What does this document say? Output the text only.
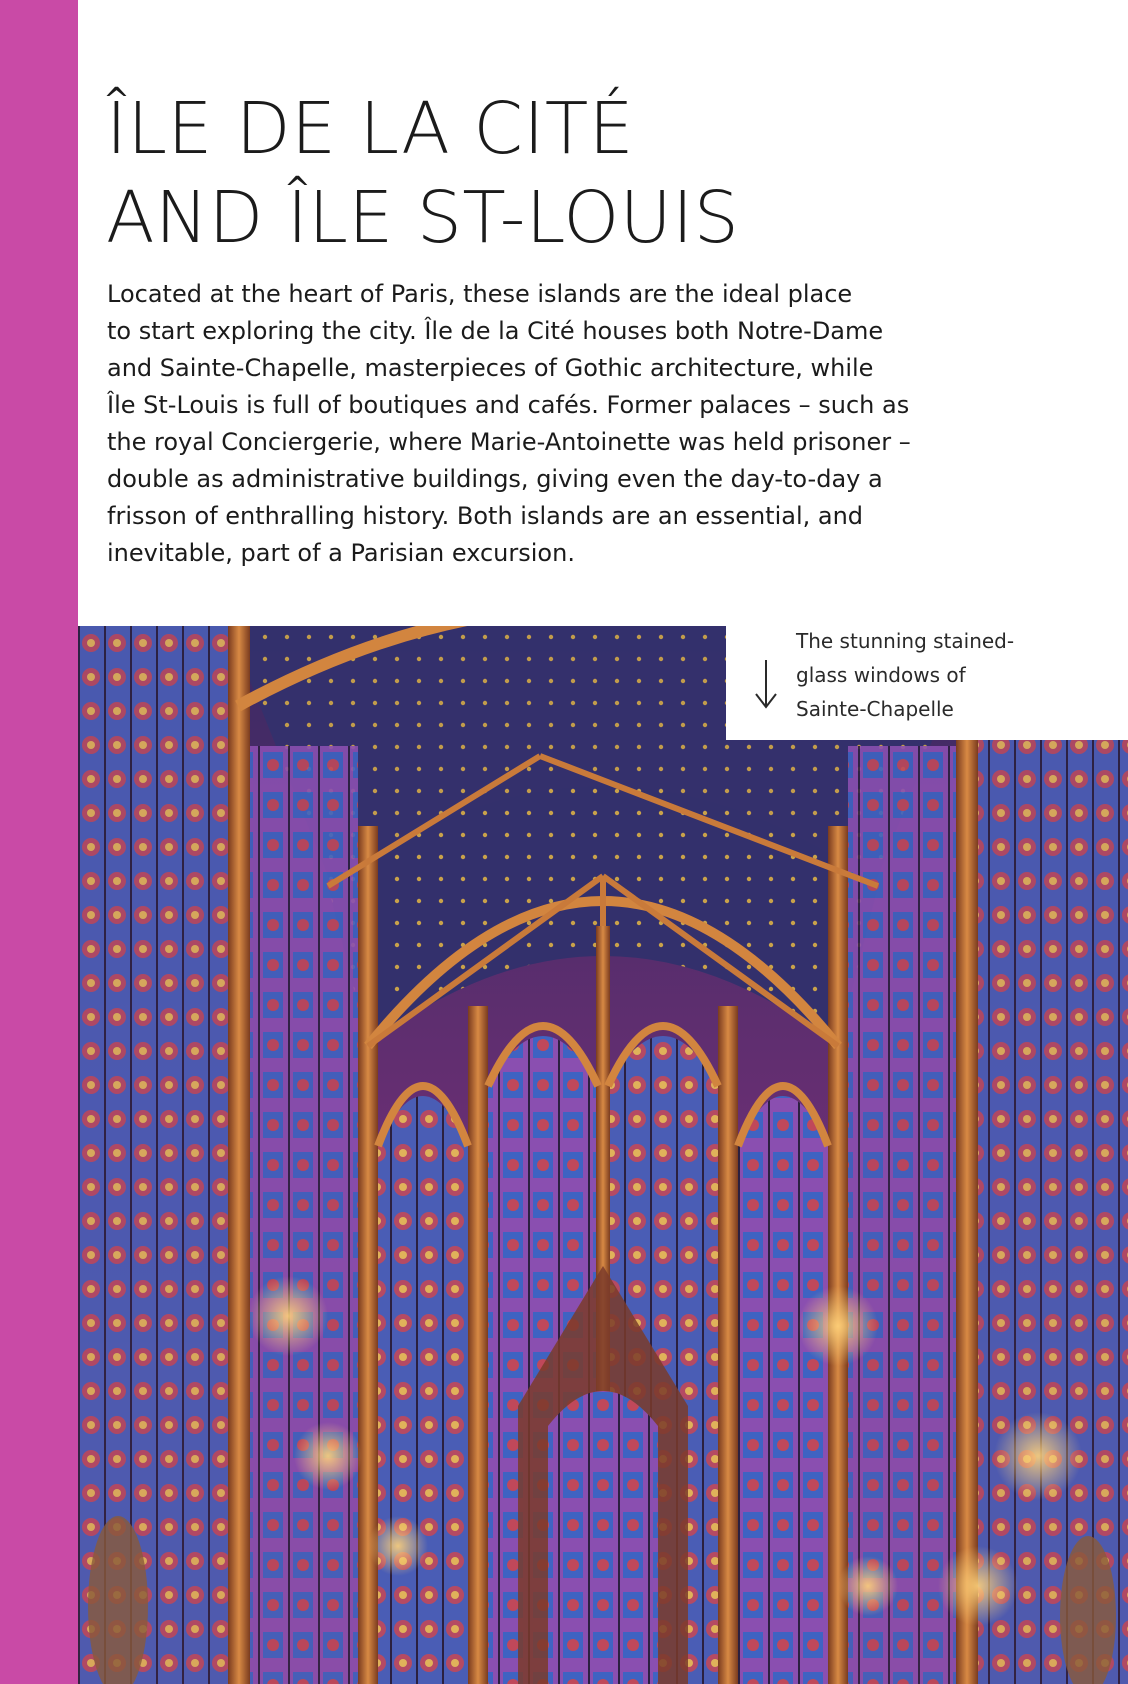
ÎLE DE LA CITÉ
AND ÎLE ST-LOUIS

Located at the heart of Paris, these islands are the ideal place
to start exploring the city. Île de la Cité houses both Notre-Dame
and Sainte-Chapelle, masterpieces of Gothic architecture, while
Île St-Louis is full of boutiques and cafés. Former palaces – such as
the royal Conciergerie, where Marie-Antoinette was held prisoner –
double as administrative buildings, giving even the day-to-day a
frisson of enthralling history. Both islands are an essential, and
inevitable, part of a Parisian excursion.

The stunning stained-
glass windows of
Sainte-Chapelle
